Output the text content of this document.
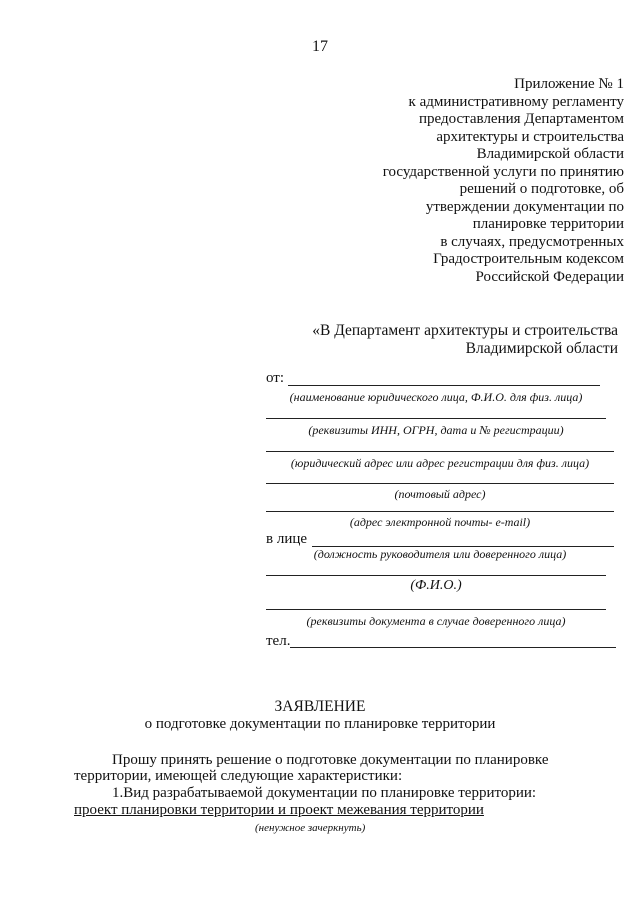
17
Приложение № 1
к административному регламенту
предоставления Департаментом
архитектуры и строительства
Владимирской области
государственной услуги по принятию
решений о подготовке, об
утверждении документации по
планировке территории
в случаях, предусмотренных
Градостроительным кодексом
Российской Федерации
«В Департамент архитектуры и строительства
Владимирской области
от:
(наименование юридического лица, Ф.И.О. для физ. лица)
(реквизиты ИНН, ОГРН, дата и № регистрации)
(юридический адрес или адрес регистрации для физ. лица)
(почтовый адрес)
(адрес электронной почты- e-mail)
в лице
(должность руководителя или доверенного лица)
(Ф.И.О.)
(реквизиты документа в случае доверенного лица)
тел.
ЗАЯВЛЕНИЕ
о подготовке документации по планировке территории
Прошу принять решение о подготовке документации по планировке
территории, имеющей следующие характеристики:
1.Вид разрабатываемой документации по планировке территории:
проект планировки территории и проект межевания территории
(ненужное зачеркнуть)
